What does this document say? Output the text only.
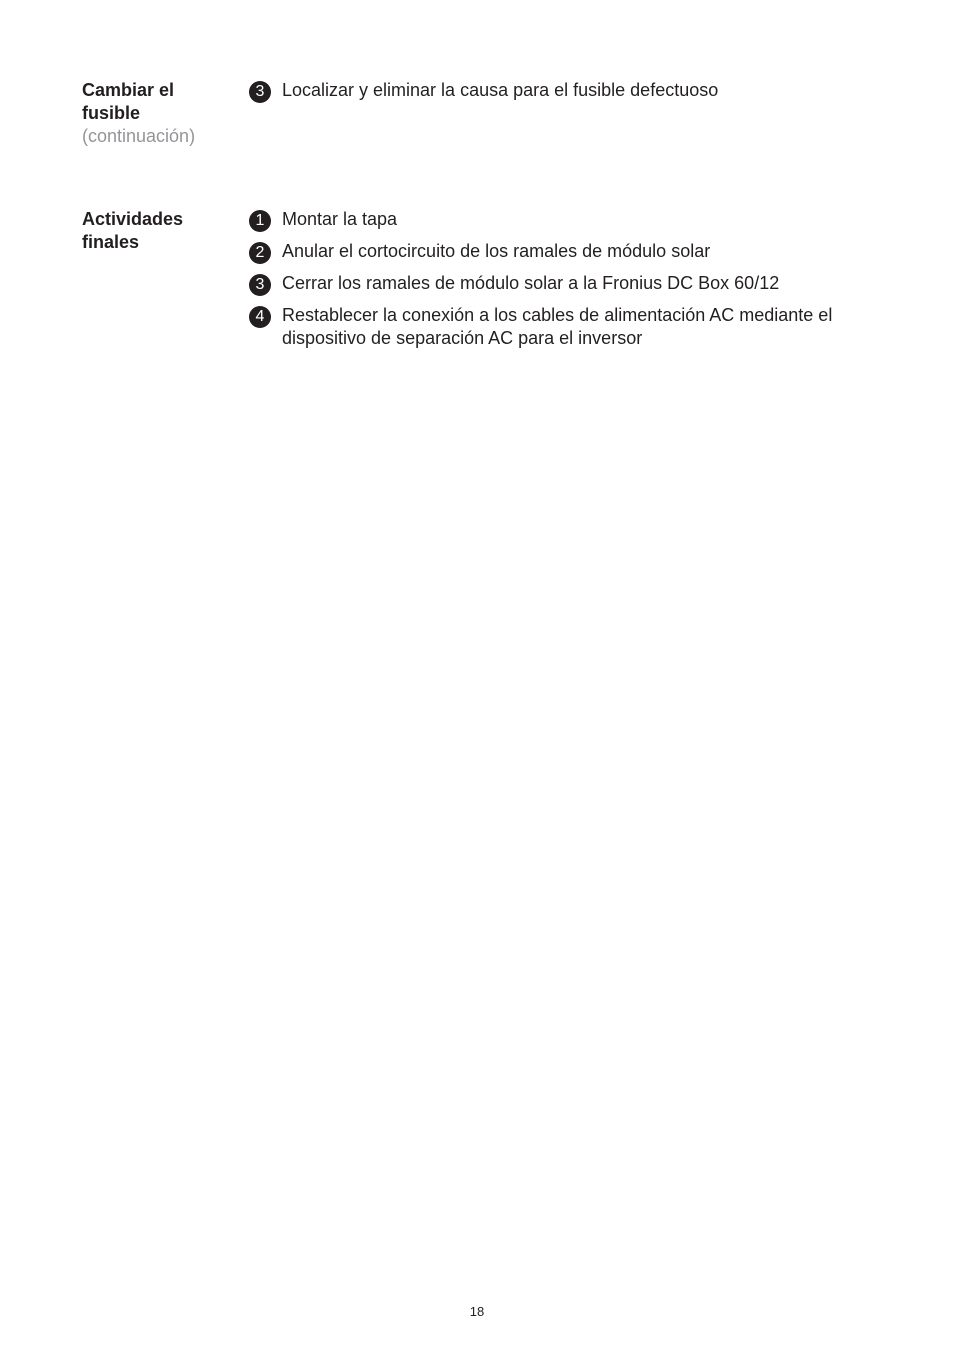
Cambiar el
fusible
(continuación)
3 Localizar y eliminar la causa para el fusible defectuoso
Actividades
finales
1 Montar la tapa
2 Anular el cortocircuito de los ramales de módulo solar
3 Cerrar los ramales de módulo solar a la Fronius DC Box 60/12
4 Restablecer la conexión a los cables de alimentación AC mediante el dispositivo de separación AC para el inversor
18
